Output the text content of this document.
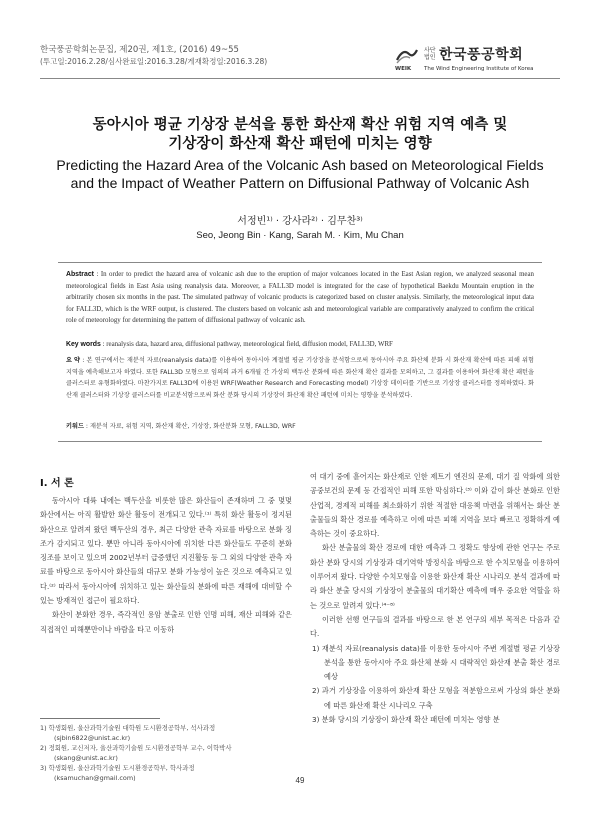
한국풍공학회논문집, 제20권, 제1호, (2016) 49~55
(투고일:2016.2.28/심사완료일:2016.3.28/게재확정일:2016.3.28)
사단
법인 한국풍공학회
WEIK The Wind Engineering Institute of Korea
동아시아 평균 기상장 분석을 통한 화산재 확산 위험 지역 예측 및
기상장이 화산재 확산 패턴에 미치는 영향
Predicting the Hazard Area of the Volcanic Ash based on Meteorological Fields
and the Impact of Weather Pattern on Diffusional Pathway of Volcanic Ash
서정빈¹⁾ · 강사라²⁾ · 김무찬³⁾
Seo, Jeong Bin · Kang, Sarah M. · Kim, Mu Chan
Abstract : In order to predict the hazard area of volcanic ash due to the eruption of major volcanoes located in the East Asian region, we analyzed seasonal mean meteorological fields in East Asia using reanalysis data. Moreover, a FALL3D model is integrated for the case of hypothetical Baekdu Mountain eruption in the arbitrarily chosen six months in the past. The simulated pathway of volcanic products is categorized based on cluster analysis. Similarly, the meteorological input data for FALL3D, which is the WRF output, is clustered. The clusters based on volcanic ash and meteorological variable are comparatively analyzed to confirm the critical role of meteorology for determining the pattern of diffusional pathway of volcanic ash.
Key words : reanalysis data, hazard area, diffusional pathway, meteorological field, diffusion model, FALL3D, WRF
요 약 : 본 연구에서는 재분석 자료(reanalysis data)를 이용하여 동아시아 계절별 평균 기상장을 분석함으로써 동아시아 주요 화산체 분화 시 화산재 확산에 따른 피해 위험 지역을 예측해보고자 하였다. 또한 FALL3D 모형으로 임의의 과거 6개월 간 가상의 백두산 분화에 따른 화산재 확산 결과를 모의하고, 그 결과를 이용하여 화산재 확산 패턴을 클러스터로 유형화하였다. 마찬가지로 FALL3D에 이용된 WRF(Weather Research and Forecasting model) 기상장 데이터를 기반으로 기상장 클러스터를 정의하였다. 화산재 클러스터와 기상장 클러스터를 비교분석함으로써 화산 분화 당시의 기상장이 화산재 확산 패턴에 미치는 영향을 분석하였다.
키워드 : 재분석 자료, 위험 지역, 화산재 확산, 기상장, 화산분화 모형, FALL3D, WRF
I. 서 론

동아시아 대륙 내에는 백두산을 비롯한 많은 화산들이 존재하며 그 중 몇몇 화산에서는 아직 활발한 화산 활동이 전개되고 있다.⁽¹⁾ 특히 화산 활동이 정지된 화산으로 알려져 왔던 백두산의 경우, 최근 다양한 관측 자료를 바탕으로 분화 징조가 감지되고 있다. 뿐만 아니라 동아시아에 위치한 다른 화산들도 꾸준히 분화 징조를 보이고 있으며 2002년부터 급증했던 지진활동 등 그 외의 다양한 관측 자료를 바탕으로 동아시아 화산들의 대규모 분화 가능성이 높은 것으로 예측되고 있다.⁽²⁾ 따라서 동아시아에 위치하고 있는 화산들의 분화에 따른 재해에 대비할 수 있는 방재적인 접근이 필요하다.

화산이 분화한 경우, 즉각적인 용암 분출로 인한 인명 피해, 재산 피해와 같은 직접적인 피해뿐만이나 바람을 타고 이동하

여 대기 중에 흩어지는 화산재로 인한 제트기 엔진의 문제, 대기 질 악화에 의한 공중보건의 문제 등 간접적인 피해 또한 막심하다.⁽³⁾ 이와 같이 화산 분화로 인한 산업적, 경제적 피해를 최소화하기 위한 적절한 대응책 마련을 위해서는 화산 분출물들의 확산 경로를 예측하고 이에 따른 피해 지역을 보다 빠르고 정확하게 예측하는 것이 중요하다.

화산 분출물의 확산 경로에 대한 예측과 그 정확도 향상에 관한 연구는 주로 화산 분화 당시의 기상장과 대기역학 방정식을 바탕으로 한 수치모형을 이용하여 이루어져 왔다. 다양한 수치모형을 이용한 화산재 확산 시나리오 분석 결과에 따라 화산 분출 당시의 기상장이 분출물의 대기확산 예측에 매우 중요한 역할을 하는 것으로 알려져 있다.⁽⁴⁻⁸⁾

이러한 선행 연구들의 결과를 바탕으로 한 본 연구의 세부 목적은 다음과 같다.

1) 재분석 자료(reanalysis data)를 이용한 동아시아 주변 계절별 평균 기상장 분석을 통한 동아시아 주요 화산체 분화 시 대략적인 화산재 분출 확산 경로 예상

2) 과거 기상장을 이용하여 화산재 확산 모형을 적분함으로써 가상의 화산 분화에 따른 화산재 확산 시나리오 구축

3) 분화 당시의 기상장이 화산재 확산 패턴에 미치는 영향 분

1) 학생회원, 울산과학기술원 대학원 도시환경공학부, 석사과정
(sjbin6822@unist.ac.kr)
2) 정회원, 교신저자, 울산과학기술원 도시환경공학부 교수, 이학박사
(skang@unist.ac.kr)
3) 학생회원, 울산과학기술원 도시환경공학부, 학사과정
(ksamuchan@gmail.com)	49
